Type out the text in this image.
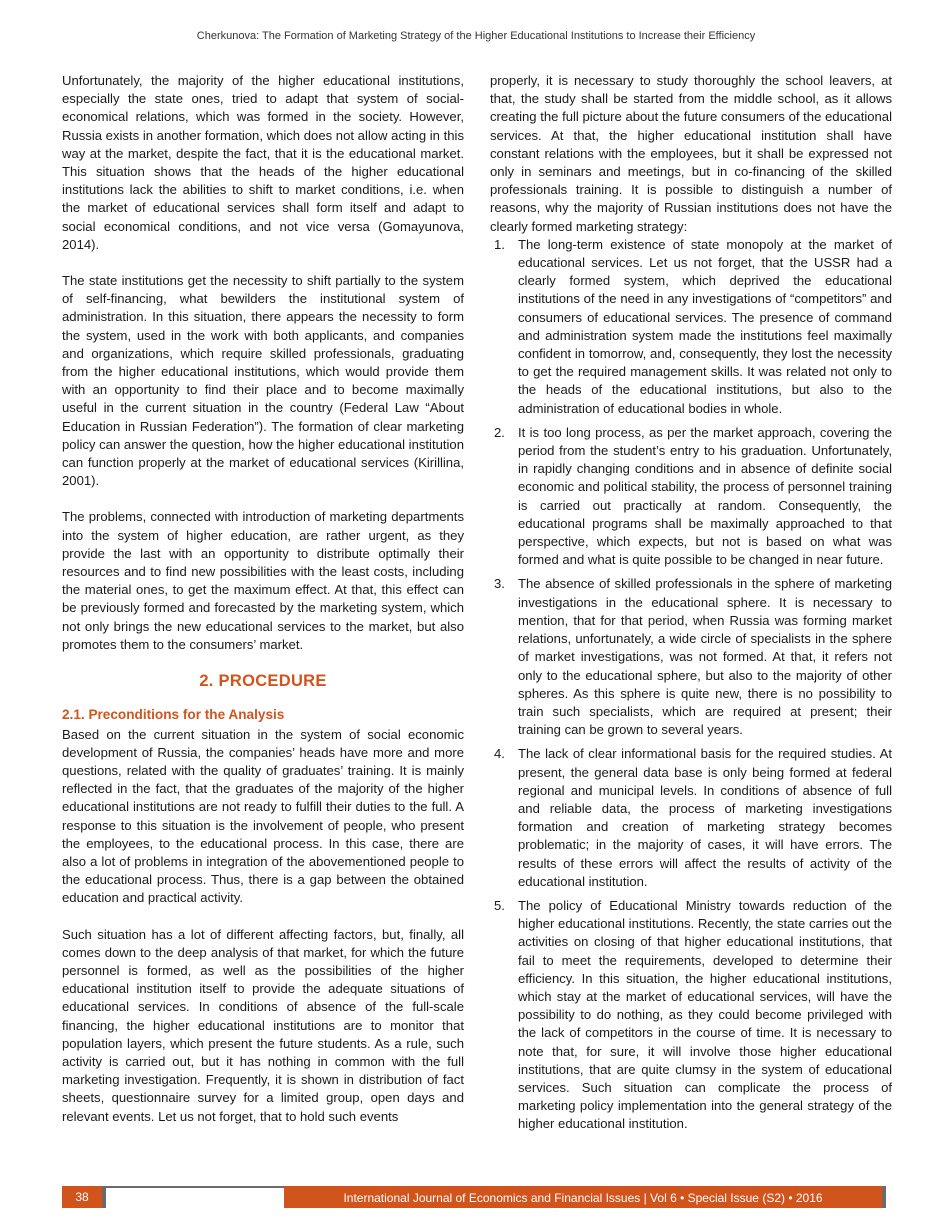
Cherkunova: The Formation of Marketing Strategy of the Higher Educational Institutions to Increase their Efficiency

Unfortunately, the majority of the higher educational institutions, especially the state ones, tried to adapt that system of social-economical relations, which was formed in the society. However, Russia exists in another formation, which does not allow acting in this way at the market, despite the fact, that it is the educational market. This situation shows that the heads of the higher educational institutions lack the abilities to shift to market conditions, i.e. when the market of educational services shall form itself and adapt to social economical conditions, and not vice versa (Gomayunova, 2014).

The state institutions get the necessity to shift partially to the system of self-financing, what bewilders the institutional system of administration. In this situation, there appears the necessity to form the system, used in the work with both applicants, and companies and organizations, which require skilled professionals, graduating from the higher educational institutions, which would provide them with an opportunity to find their place and to become maximally useful in the current situation in the country (Federal Law “About Education in Russian Federation”). The formation of clear marketing policy can answer the question, how the higher educational institution can function properly at the market of educational services (Kirillina, 2001).

The problems, connected with introduction of marketing departments into the system of higher education, are rather urgent, as they provide the last with an opportunity to distribute optimally their resources and to find new possibilities with the least costs, including the material ones, to get the maximum effect. At that, this effect can be previously formed and forecasted by the marketing system, which not only brings the new educational services to the market, but also promotes them to the consumers’ market.

2. PROCEDURE
2.1. Preconditions for the Analysis

Based on the current situation in the system of social economic development of Russia, the companies’ heads have more and more questions, related with the quality of graduates’ training. It is mainly reflected in the fact, that the graduates of the majority of the higher educational institutions are not ready to fulfill their duties to the full. A response to this situation is the involvement of people, who present the employees, to the educational process. In this case, there are also a lot of problems in integration of the abovementioned people to the educational process. Thus, there is a gap between the obtained education and practical activity.

Such situation has a lot of different affecting factors, but, finally, all comes down to the deep analysis of that market, for which the future personnel is formed, as well as the possibilities of the higher educational institution itself to provide the adequate situations of educational services. In conditions of absence of the full-scale financing, the higher educational institutions are to monitor that population layers, which present the future students. As a rule, such activity is carried out, but it has nothing in common with the full marketing investigation. Frequently, it is shown in distribution of fact sheets, questionnaire survey for a limited group, open days and relevant events. Let us not forget, that to hold such events

properly, it is necessary to study thoroughly the school leavers, at that, the study shall be started from the middle school, as it allows creating the full picture about the future consumers of the educational services. At that, the higher educational institution shall have constant relations with the employees, but it shall be expressed not only in seminars and meetings, but in co-financing of the skilled professionals training. It is possible to distinguish a number of reasons, why the majority of Russian institutions does not have the clearly formed marketing strategy:

1. The long-term existence of state monopoly at the market of educational services. Let us not forget, that the USSR had a clearly formed system, which deprived the educational institutions of the need in any investigations of “competitors” and consumers of educational services. The presence of command and administration system made the institutions feel maximally confident in tomorrow, and, consequently, they lost the necessity to get the required management skills. It was related not only to the heads of the educational institutions, but also to the administration of educational bodies in whole.
2. It is too long process, as per the market approach, covering the period from the student’s entry to his graduation. Unfortunately, in rapidly changing conditions and in absence of definite social economic and political stability, the process of personnel training is carried out practically at random. Consequently, the educational programs shall be maximally approached to that perspective, which expects, but not is based on what was formed and what is quite possible to be changed in near future.
3. The absence of skilled professionals in the sphere of marketing investigations in the educational sphere. It is necessary to mention, that for that period, when Russia was forming market relations, unfortunately, a wide circle of specialists in the sphere of market investigations, was not formed. At that, it refers not only to the educational sphere, but also to the majority of other spheres. As this sphere is quite new, there is no possibility to train such specialists, which are required at present; their training can be grown to several years.
4. The lack of clear informational basis for the required studies. At present, the general data base is only being formed at federal regional and municipal levels. In conditions of absence of full and reliable data, the process of marketing investigations formation and creation of marketing strategy becomes problematic; in the majority of cases, it will have errors. The results of these errors will affect the results of activity of the educational institution.
5. The policy of Educational Ministry towards reduction of the higher educational institutions. Recently, the state carries out the activities on closing of that higher educational institutions, that fail to meet the requirements, developed to determine their efficiency. In this situation, the higher educational institutions, which stay at the market of educational services, will have the possibility to do nothing, as they could become privileged with the lack of competitors in the course of time. It is necessary to note that, for sure, it will involve those higher educational institutions, that are quite clumsy in the system of educational services. Such situation can complicate the process of marketing policy implementation into the general strategy of the higher educational institution.
38	International Journal of Economics and Financial Issues | Vol 6 • Special Issue (S2) • 2016
